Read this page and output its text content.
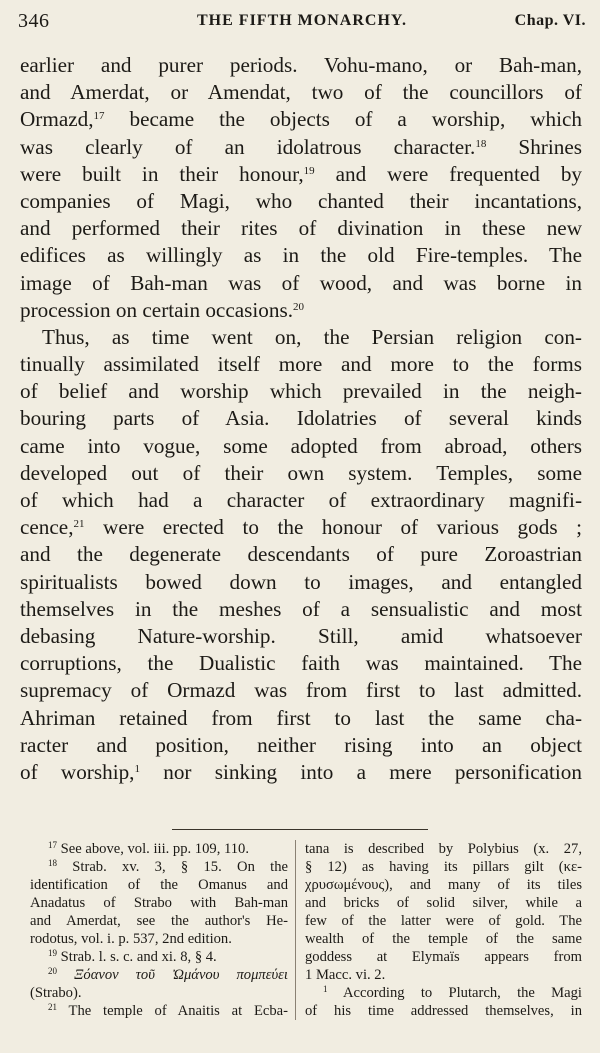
346	THE FIFTH MONARCHY.	Chap. VI.
earlier and purer periods. Vohu-mano, or Bah-man,
and Amerdat, or Amendat, two of the councillors of
Ormazd,$^{17}$ became the objects of a worship, which
was clearly of an idolatrous character.$^{18}$ Shrines
were built in their honour,$^{19}$ and were frequented by
companies of Magi, who chanted their incantations,
and performed their rites of divination in these new
edifices as willingly as in the old Fire-temples. The
image of Bah-man was of wood, and was borne in
procession on certain occasions.$^{20}$
Thus, as time went on, the Persian religion con-
tinually assimilated itself more and more to the forms
of belief and worship which prevailed in the neigh-
bouring parts of Asia. Idolatries of several kinds
came into vogue, some adopted from abroad, others
developed out of their own system. Temples, some
of which had a character of extraordinary magnifi-
cence,$^{21}$ were erected to the honour of various gods ;
and the degenerate descendants of pure Zoroastrian
spiritualists bowed down to images, and entangled
themselves in the meshes of a sensualistic and most
debasing Nature-worship. Still, amid whatsoever
corruptions, the Dualistic faith was maintained. The
supremacy of Ormazd was from first to last admitted.
Ahriman retained from first to last the same cha-
racter and position, neither rising into an object
of worship,$^1$ nor sinking into a mere personification
$^{17}$ See above, vol. iii. pp. 109, 110.
$^{18}$ Strab. xv. 3, § 15. On the
identification of the Omanus and
Anadatus of Strabo with Bah-man
and Amerdat, see the author's He-
rodotus, vol. i. p. 537, 2nd edition.
$^{19}$ Strab. l. s. c. and xi. 8, § 4.
$^{20}$ Ξόανον τοῦ Ὠμάνου πομπεύει
(Strabo).
$^{21}$ The temple of Anaitis at Ecba-
tana is described by Polybius (x. 27,
§ 12) as having its pillars gilt (κε-
χρυσωμένους), and many of its tiles
and bricks of solid silver, while a
few of the latter were of gold. The
wealth of the temple of the same
goddess at Elymaïs appears from
1 Macc. vi. 2.
$^1$ According to Plutarch, the Magi
of his time addressed themselves, in
